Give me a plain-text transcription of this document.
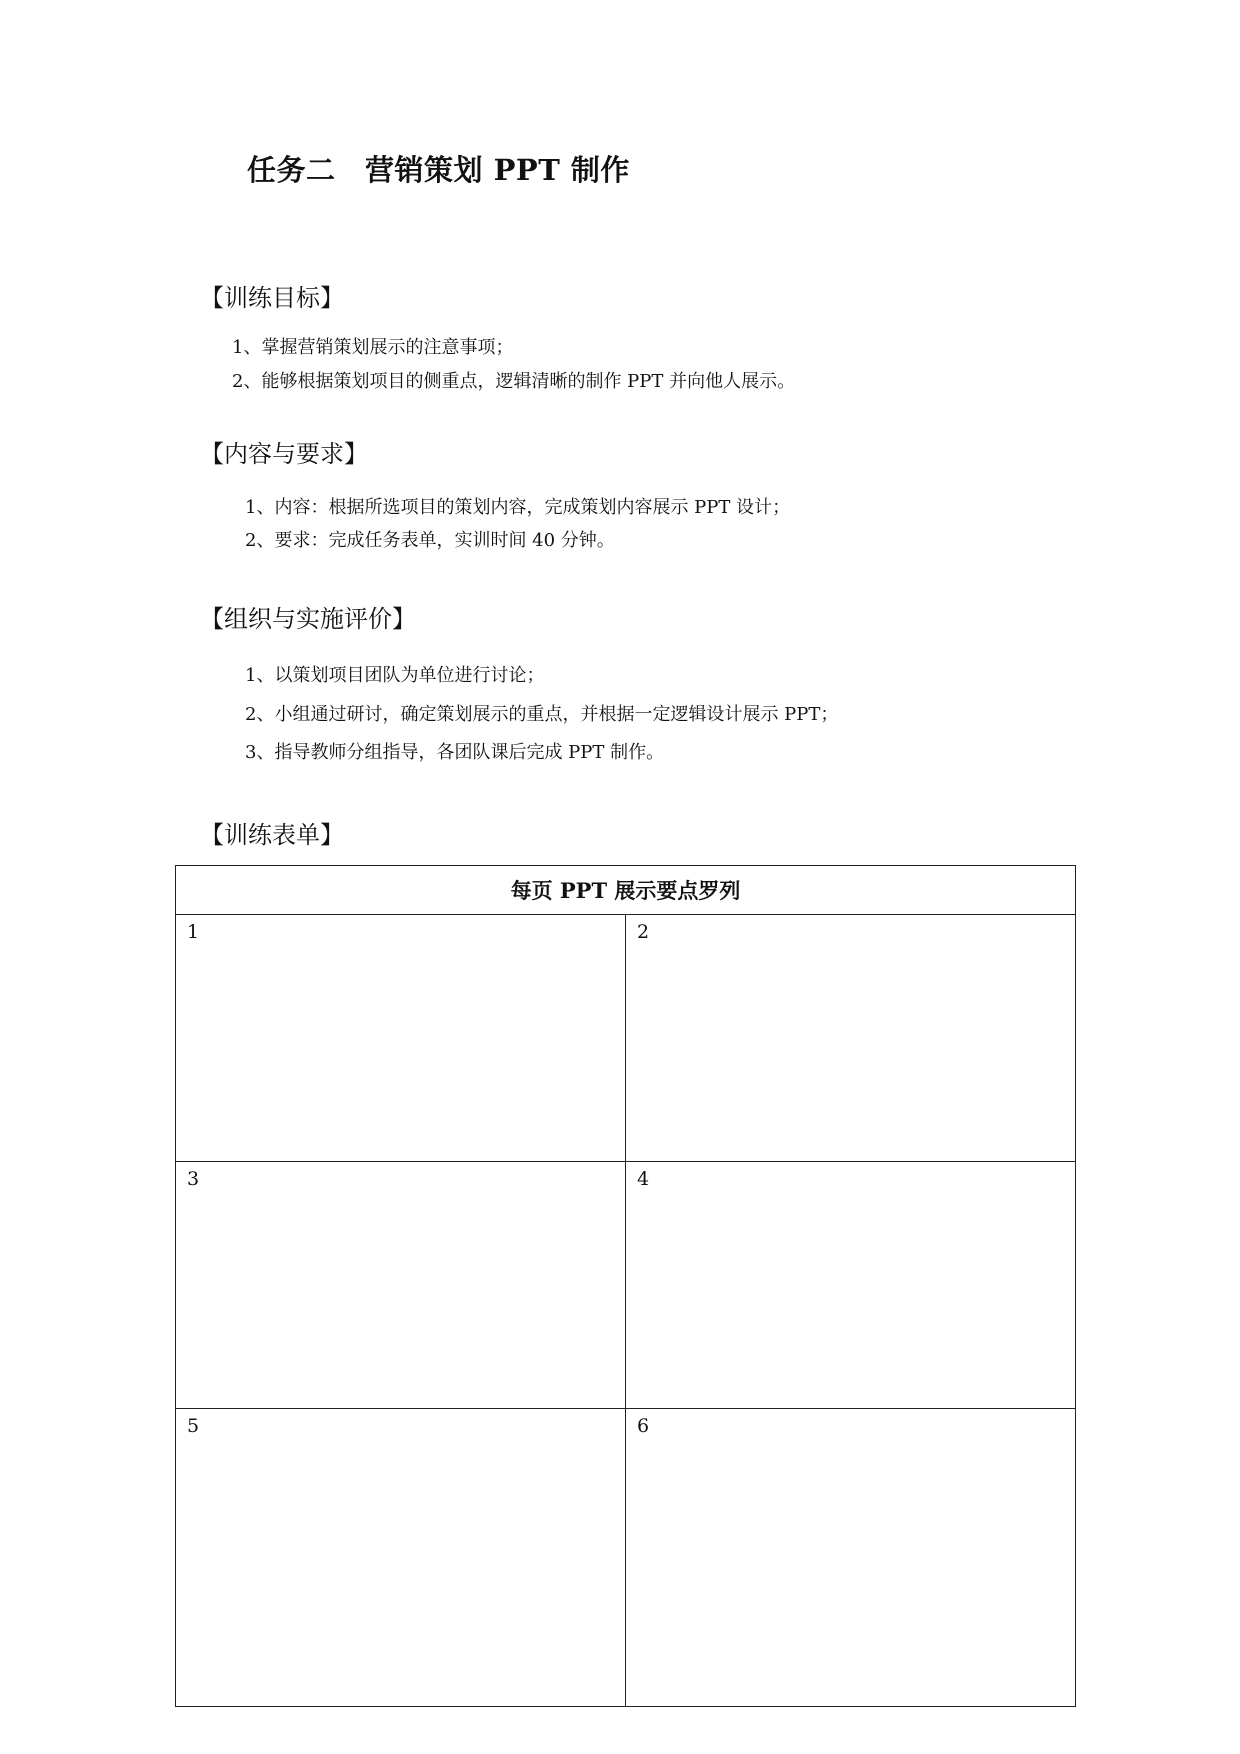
任务二　营销策划 PPT 制作
【训练目标】
1、掌握营销策划展示的注意事项；
2、能够根据策划项目的侧重点，逻辑清晰的制作 PPT 并向他人展示。
【内容与要求】
1、内容：根据所选项目的策划内容，完成策划内容展示 PPT 设计；
2、要求：完成任务表单，实训时间 40 分钟。
【组织与实施评价】
1、以策划项目团队为单位进行讨论；
2、小组通过研讨，确定策划展示的重点，并根据一定逻辑设计展示 PPT；
3、指导教师分组指导，各团队课后完成 PPT 制作。
【训练表单】
每页 PPT 展示要点罗列	

1	2

3	4

5	6
